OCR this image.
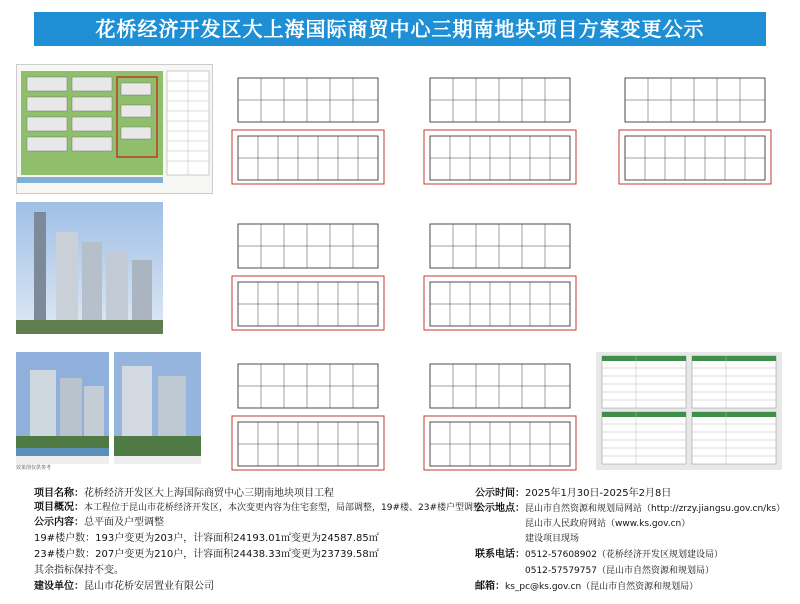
花桥经济开发区大上海国际商贸中心三期南地块项目方案变更公示
效果图仅供参考
项目名称：花桥经济开发区大上海国际商贸中心三期南地块项目工程
项目概况：本工程位于昆山市花桥经济开发区，本次变更内容为住宅套型，局部调整，19#楼、23#楼户型调整
公示内容：总平面及户型调整
19#楼户数：193户变更为203户，计容面积24193.01㎡变更为24587.85㎡
23#楼户数：207户变更为210户，计容面积24438.33㎡变更为23739.58㎡
其余指标保持不变。
建设单位：昆山市花桥安居置业有限公司
公示时间：2025年1月30日-2025年2月8日
公示地点：昆山市自然资源和规划局网站（http://zrzy.jiangsu.gov.cn/ks）
昆山市人民政府网站（www.ks.gov.cn）
建设项目现场
联系电话：0512-57608902（花桥经济开发区规划建设局）
0512-57579757（昆山市自然资源和规划局）
邮箱：ks_pc@ks.gov.cn（昆山市自然资源和规划局）
